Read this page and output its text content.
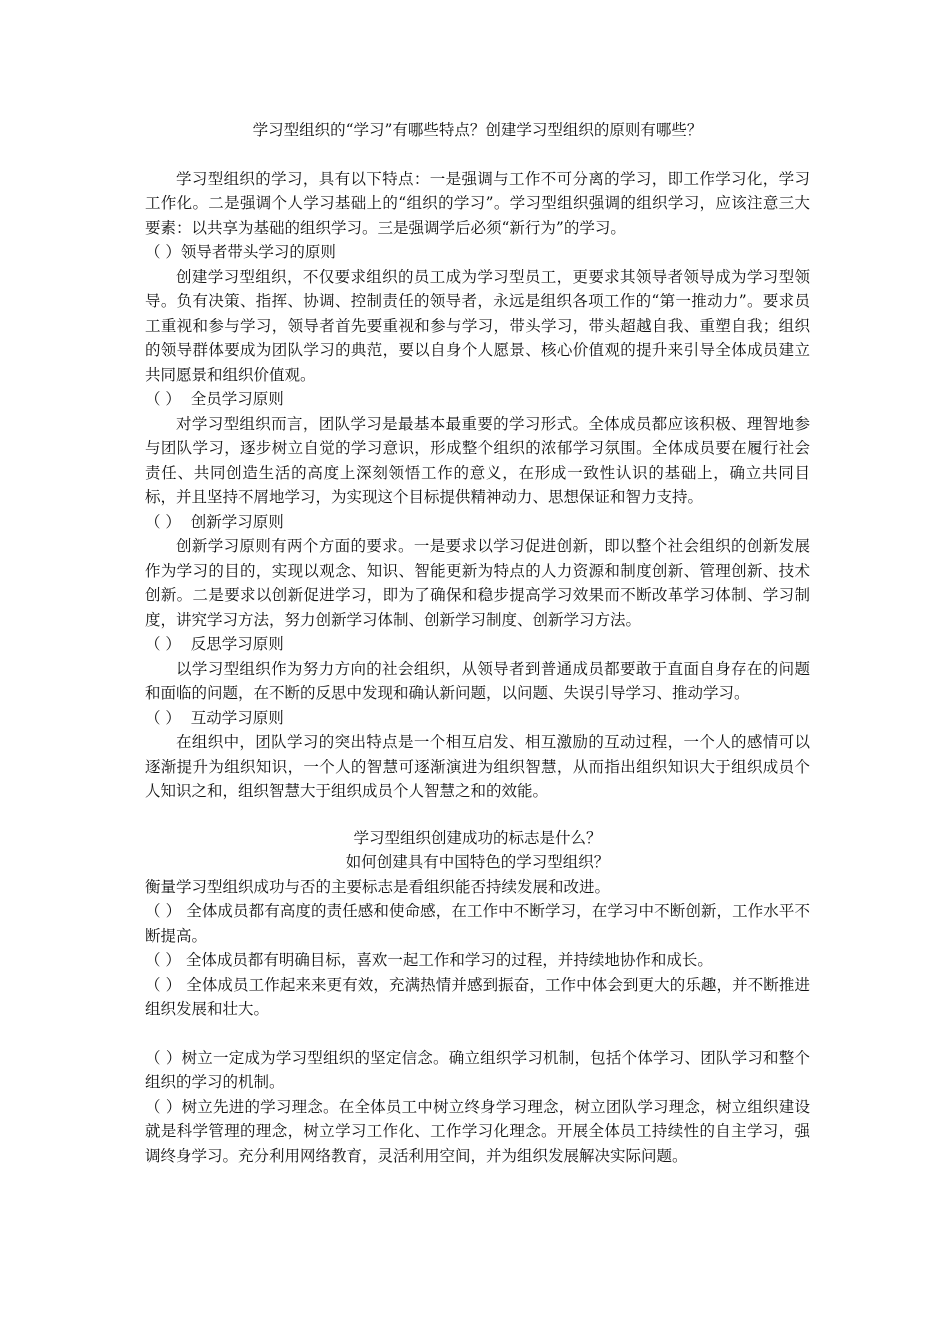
学习型组织的“学习”有哪些特点？创建学习型组织的原则有哪些？

学习型组织的学习，具有以下特点：一是强调与工作不可分离的学习，即工作学习化，学习工作化。二是强调个人学习基础上的“组织的学习”。学习型组织强调的组织学习，应该注意三大要素：以共享为基础的组织学习。三是强调学后必须“新行为”的学习。

（ ）领导者带头学习的原则

创建学习型组织，不仅要求组织的员工成为学习型员工，更要求其领导者领导成为学习型领导。负有决策、指挥、协调、控制责任的领导者，永远是组织各项工作的“第一推动力”。要求员工重视和参与学习，领导者首先要重视和参与学习，带头学习，带头超越自我、重塑自我；组织的领导群体要成为团队学习的典范，要以自身个人愿景、核心价值观的提升来引导全体成员建立共同愿景和组织价值观。

（ ）  全员学习原则

对学习型组织而言，团队学习是最基本最重要的学习形式。全体成员都应该积极、理智地参与团队学习，逐步树立自觉的学习意识，形成整个组织的浓郁学习氛围。全体成员要在履行社会责任、共同创造生活的高度上深刻领悟工作的意义，在形成一致性认识的基础上，确立共同目标，并且坚持不屑地学习，为实现这个目标提供精神动力、思想保证和智力支持。

（ ）  创新学习原则

创新学习原则有两个方面的要求。一是要求以学习促进创新，即以整个社会组织的创新发展作为学习的目的，实现以观念、知识、智能更新为特点的人力资源和制度创新、管理创新、技术创新。二是要求以创新促进学习，即为了确保和稳步提高学习效果而不断改革学习体制、学习制度，讲究学习方法，努力创新学习体制、创新学习制度、创新学习方法。

（ ）  反思学习原则

以学习型组织作为努力方向的社会组织，从领导者到普通成员都要敢于直面自身存在的问题和面临的问题，在不断的反思中发现和确认新问题，以问题、失误引导学习、推动学习。

（ ）  互动学习原则

在组织中，团队学习的突出特点是一个相互启发、相互激励的互动过程，一个人的感情可以逐渐提升为组织知识，一个人的智慧可逐渐演进为组织智慧，从而指出组织知识大于组织成员个人知识之和，组织智慧大于组织成员个人智慧之和的效能。

学习型组织创建成功的标志是什么？

如何创建具有中国特色的学习型组织？

衡量学习型组织成功与否的主要标志是看组织能否持续发展和改进。

（ ） 全体成员都有高度的责任感和使命感，在工作中不断学习，在学习中不断创新，工作水平不断提高。

（ ） 全体成员都有明确目标，喜欢一起工作和学习的过程，并持续地协作和成长。

（ ） 全体成员工作起来来更有效，充满热情并感到振奋，工作中体会到更大的乐趣，并不断推进组织发展和壮大。

（ ）树立一定成为学习型组织的坚定信念。确立组织学习机制，包括个体学习、团队学习和整个组织的学习的机制。

（ ）树立先进的学习理念。在全体员工中树立终身学习理念，树立团队学习理念，树立组织建设就是科学管理的理念，树立学习工作化、工作学习化理念。开展全体员工持续性的自主学习，强调终身学习。充分利用网络教育，灵活利用空间，并为组织发展解决实际问题。
